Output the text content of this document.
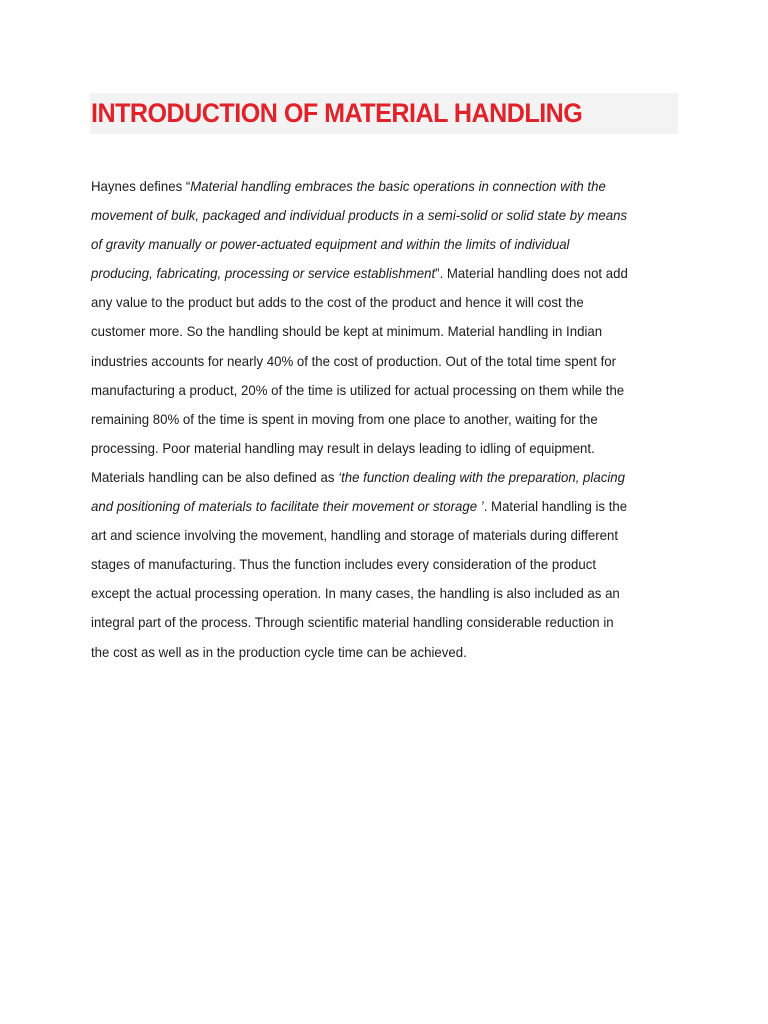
INTRODUCTION OF MATERIAL HANDLING
Haynes defines “Material handling embraces the basic operations in connection with the
movement of bulk, packaged and individual products in a semi-solid or solid state by means
of gravity manually or power-actuated equipment and within the limits of individual
producing, fabricating, processing or service establishment”. Material handling does not add
any value to the product but adds to the cost of the product and hence it will cost the
customer more. So the handling should be kept at minimum. Material handling in Indian
industries accounts for nearly 40% of the cost of production. Out of the total time spent for
manufacturing a product, 20% of the time is utilized for actual processing on them while the
remaining 80% of the time is spent in moving from one place to another, waiting for the
processing. Poor material handling may result in delays leading to idling of equipment.
Materials handling can be also defined as ‘the function dealing with the preparation, placing
and positioning of materials to facilitate their movement or storage ’. Material handling is the
art and science involving the movement, handling and storage of materials during different
stages of manufacturing. Thus the function includes every consideration of the product
except the actual processing operation. In many cases, the handling is also included as an
integral part of the process. Through scientific material handling considerable reduction in
the cost as well as in the production cycle time can be achieved.
